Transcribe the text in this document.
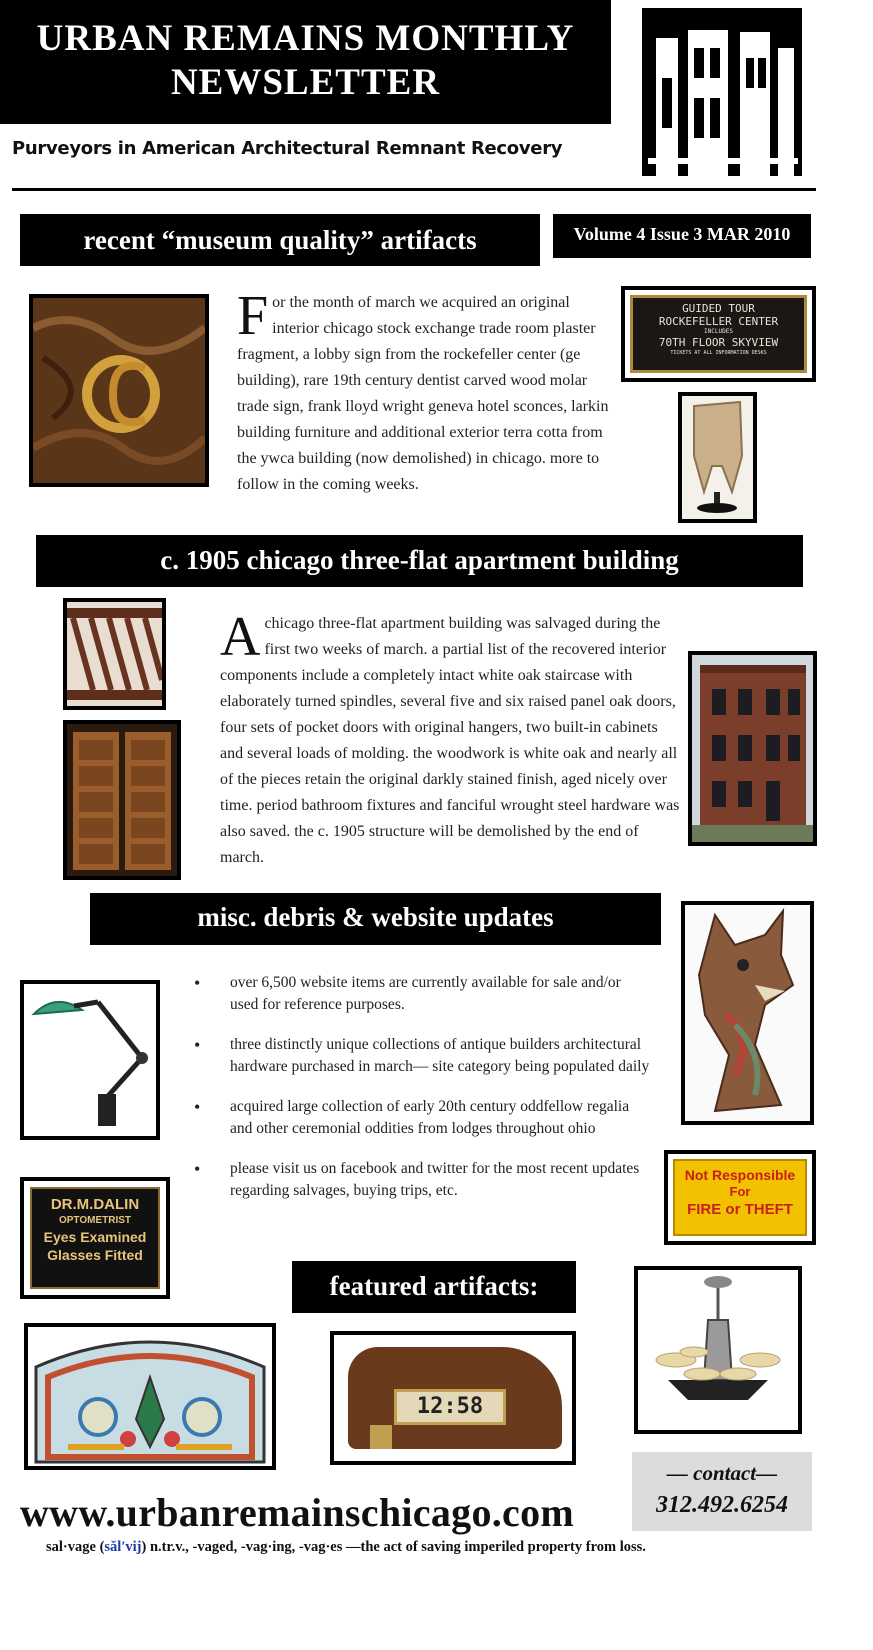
URBAN REMAINS MONTHLY
NEWSLETTER
Purveyors in American Architectural Remnant Recovery
recent “museum quality” artifacts	Volume 4 Issue 3 MAR 2010
For the month of march we acquired an original interior chicago stock exchange trade room plaster fragment, a lobby sign from the rockefeller center (ge building), rare 19th century dentist carved wood molar trade sign, frank lloyd wright geneva hotel sconces, larkin building furniture and additional exterior terra cotta from the ywca building (now demolished) in chicago. more to follow in the coming weeks.
GUIDED TOUR
ROCKEFELLER CENTER
INCLUDES
70TH FLOOR SKYVIEW
TICKETS AT ALL INFORMATION DESKS
c. 1905 chicago three-flat apartment building
Achicago three-flat apartment building was salvaged during the first two weeks of march. a partial list of the recovered interior components include a completely intact white oak staircase with elaborately turned spindles, several five and six raised panel oak doors, four sets of pocket doors with original hangers, two built-in cabinets and several loads of molding. the woodwork is white oak and nearly all of the pieces retain the original darkly stained finish, aged nicely over time. period bathroom fixtures and fanciful wrought steel hardware was also saved. the c. 1905 structure will be demolished by the end of march.
misc. debris & website updates
• over 6,500 website items are currently available for sale and/or used for reference purposes.
• three distinctly unique collections of antique builders architectural hardware purchased in march— site category being populated daily
• acquired large collection of early 20th century oddfellow regalia and other ceremonial oddities from lodges throughout ohio
• please visit us on facebook and twitter for the most recent updates regarding salvages, buying trips, etc.
Not Responsible
For
FIRE or THEFT
DR.M.DALIN
OPTOMETRIST
Eyes Examined
Glasses Fitted
featured artifacts:
12:58
— contact—
312.492.6254
www.urbanremainschicago.com
sal·vage (săl′vij) n.tr.v., -vaged, -vag·ing, -vag·es —the act of saving imperiled property from loss.
